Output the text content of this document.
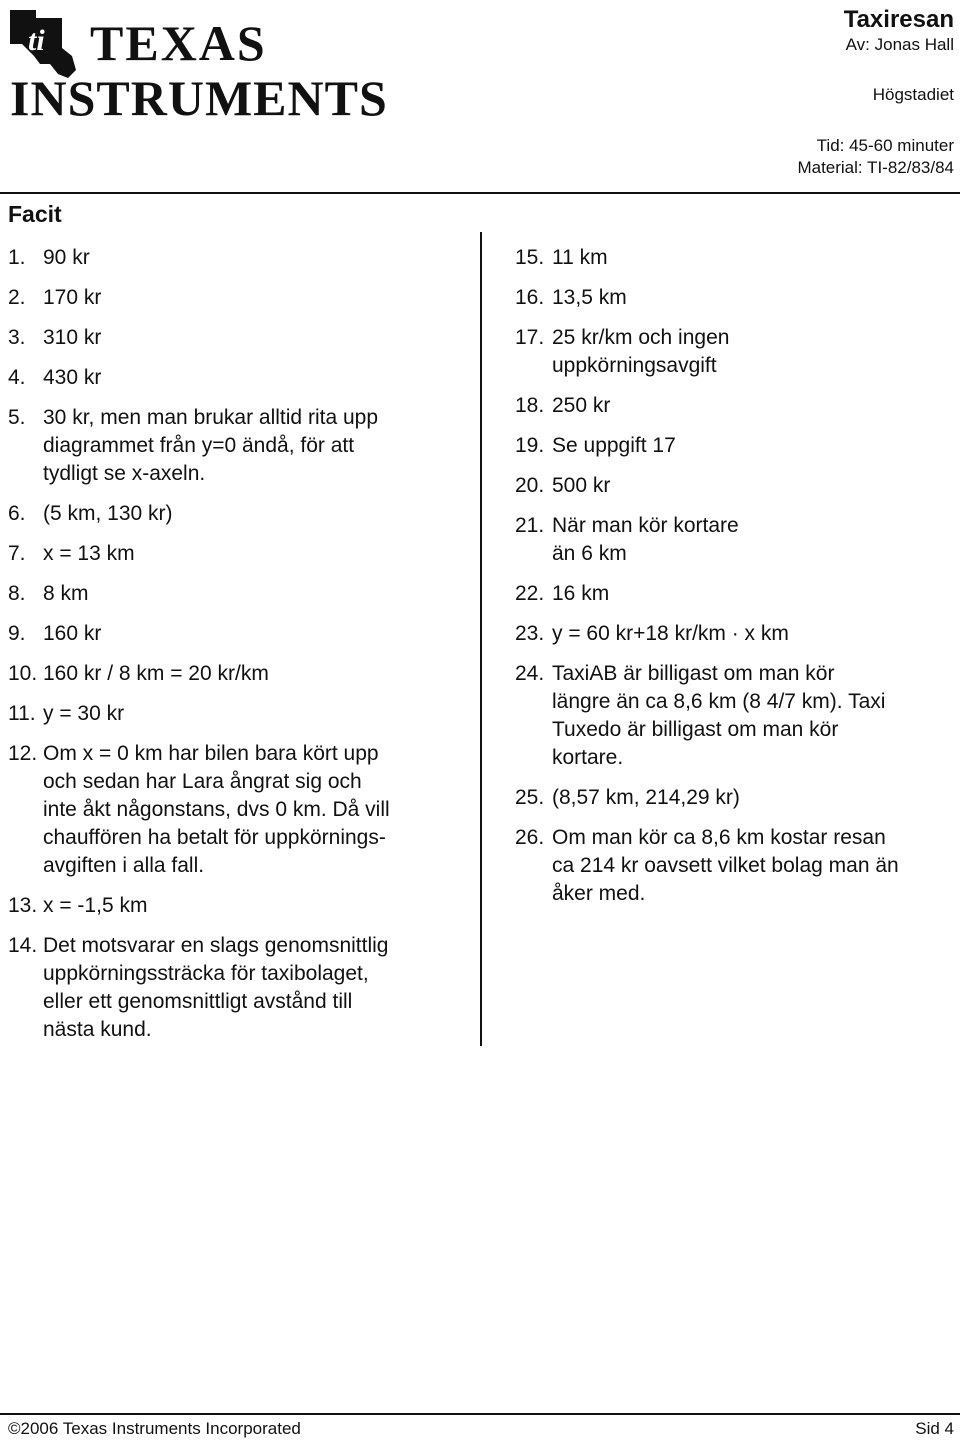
ti TEXAS
INSTRUMENTS
Taxiresan
Av: Jonas Hall
Högstadiet
Tid: 45-60 minuter
Material: TI-82/83/84
Facit
1. 90 kr
2. 170 kr
3. 310 kr
4. 430 kr
5. 30 kr, men man brukar alltid rita upp
diagrammet från y=0 ändå, för att
tydligt se x-axeln.
6. (5 km, 130 kr)
7. x = 13 km
8. 8 km
9. 160 kr
10. 160 kr / 8 km = 20 kr/km
11. y = 30 kr
12. Om x = 0 km har bilen bara kört upp
och sedan har Lara ångrat sig och
inte åkt någonstans, dvs 0 km. Då vill
chauffören ha betalt för uppkörnings-
avgiften i alla fall.
13. x = -1,5 km
14. Det motsvarar en slags genomsnittlig
uppkörningssträcka för taxibolaget,
eller ett genomsnittligt avstånd till
nästa kund.
15. 11 km
16. 13,5 km
17. 25 kr/km och ingen
uppkörningsavgift
18. 250 kr
19. Se uppgift 17
20. 500 kr
21. När man kör kortare
än 6 km
22. 16 km
23. y = 60 kr+18 kr/km · x km
24. TaxiAB är billigast om man kör
längre än ca 8,6 km (8 4/7 km). Taxi
Tuxedo är billigast om man kör
kortare.
25. (8,57 km, 214,29 kr)
26. Om man kör ca 8,6 km kostar resan
ca 214 kr oavsett vilket bolag man än
åker med.
©2006 Texas Instruments Incorporated	Sid 4
